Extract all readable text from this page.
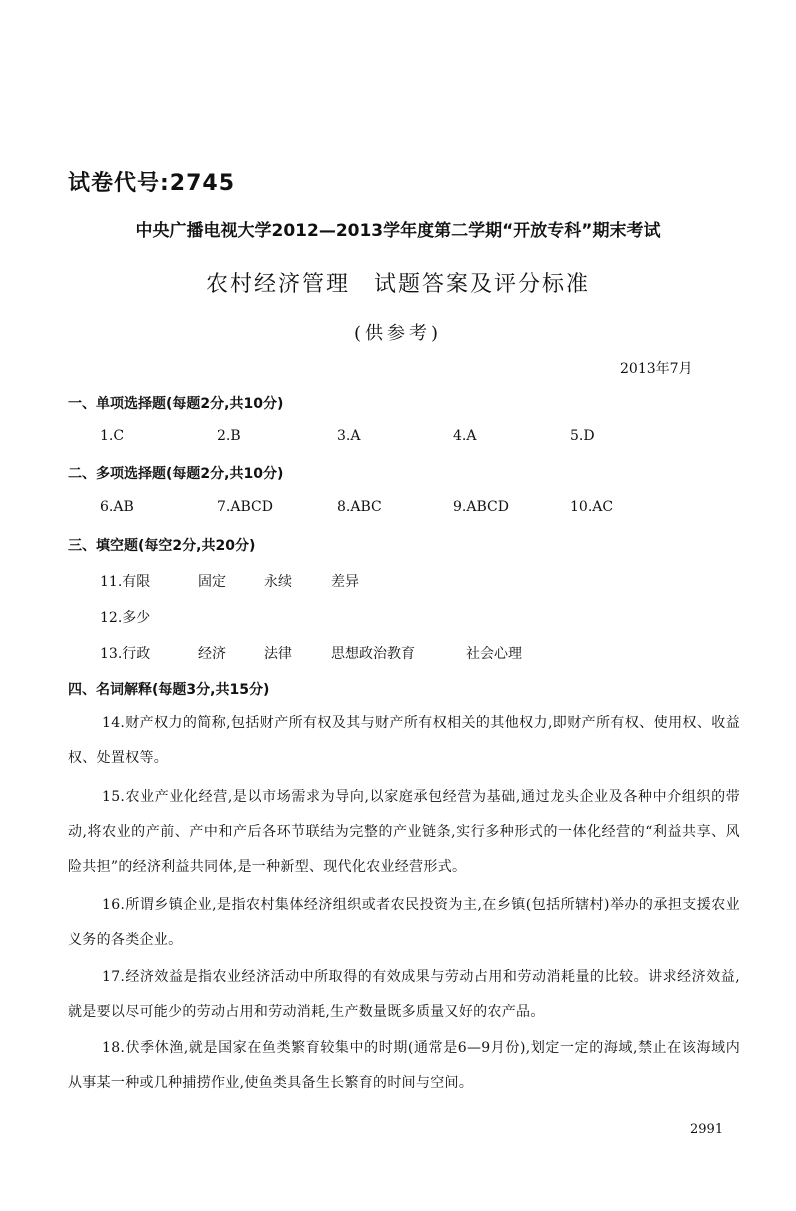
试卷代号:2745
中央广播电视大学2012—2013学年度第二学期“开放专科”期末考试
农村经济管理　试题答案及评分标准
(供参考)
2013年7月
一、单项选择题(每题2分,共10分)
1.C	2.B	3.A	4.A	5.D
二、多项选择题(每题2分,共10分)
6.AB	7.ABCD	8.ABC	9.ABCD	10.AC
三、填空题(每空2分,共20分)
11.有限	固定	永续	差异
12.多少
13.行政	经济	法律	思想政治教育	社会心理
四、名词解释(每题3分,共15分)
14.财产权力的简称,包括财产所有权及其与财产所有权相关的其他权力,即财产所有权、使用权、收益权、处置权等。
15.农业产业化经营,是以市场需求为导向,以家庭承包经营为基础,通过龙头企业及各种中介组织的带动,将农业的产前、产中和产后各环节联结为完整的产业链条,实行多种形式的一体化经营的“利益共享、风险共担”的经济利益共同体,是一种新型、现代化农业经营形式。
16.所谓乡镇企业,是指农村集体经济组织或者农民投资为主,在乡镇(包括所辖村)举办的承担支援农业义务的各类企业。
17.经济效益是指农业经济活动中所取得的有效成果与劳动占用和劳动消耗量的比较。讲求经济效益,就是要以尽可能少的劳动占用和劳动消耗,生产数量既多质量又好的农产品。
18.伏季休渔,就是国家在鱼类繁育较集中的时期(通常是6—9月份),划定一定的海域,禁止在该海域内从事某一种或几种捕捞作业,使鱼类具备生长繁育的时间与空间。
2991
